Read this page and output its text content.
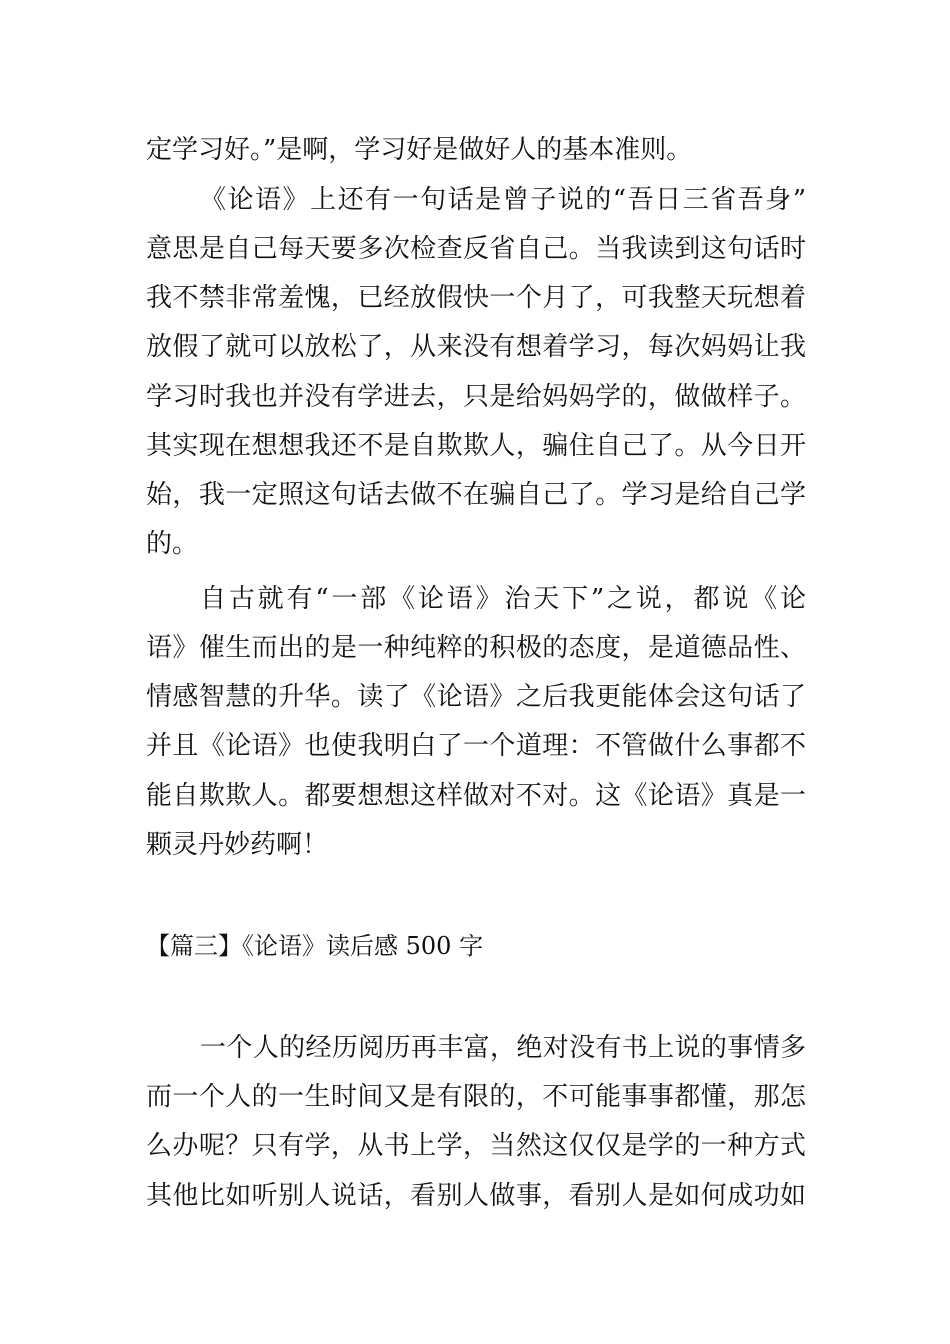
定学习好。”是啊，学习好是做好人的基本准则。
《论语》上还有一句话是曾子说的“吾日三省吾身”
意思是自己每天要多次检查反省自己。当我读到这句话时
我不禁非常羞愧，已经放假快一个月了，可我整天玩想着
放假了就可以放松了，从来没有想着学习，每次妈妈让我
学习时我也并没有学进去，只是给妈妈学的，做做样子。
其实现在想想我还不是自欺欺人，骗住自己了。从今日开
始，我一定照这句话去做不在骗自己了。学习是给自己学
的。
自古就有“一部《论语》治天下”之说，都说《论
语》催生而出的是一种纯粹的积极的态度，是道德品性、
情感智慧的升华。读了《论语》之后我更能体会这句话了
并且《论语》也使我明白了一个道理：不管做什么事都不
能自欺欺人。都要想想这样做对不对。这《论语》真是一
颗灵丹妙药啊！
【篇三】《论语》读后感 500 字
一个人的经历阅历再丰富，绝对没有书上说的事情多
而一个人的一生时间又是有限的，不可能事事都懂，那怎
么办呢？只有学，从书上学，当然这仅仅是学的一种方式
其他比如听别人说话，看别人做事，看别人是如何成功如
